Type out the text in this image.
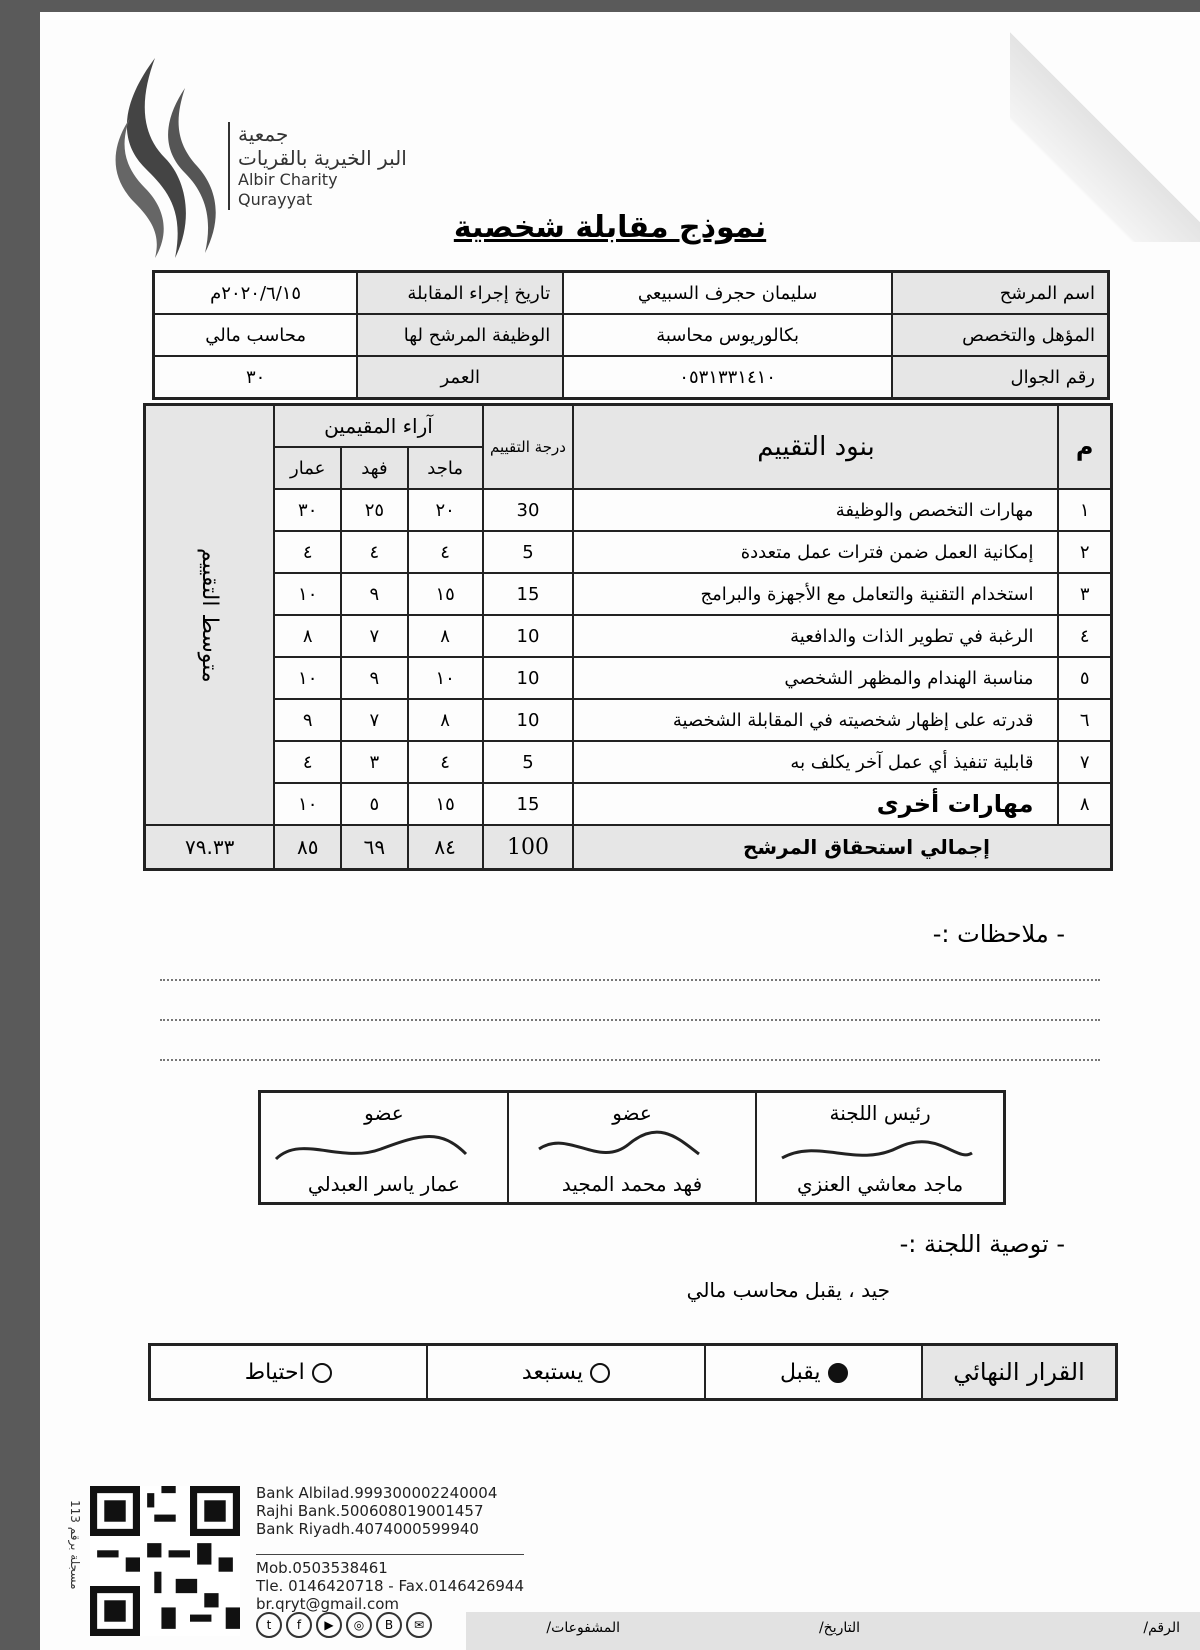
جمعية
البر الخيرية بالقريات
Albir Charity
Qurayyat
نموذج مقابلة شخصية
اسم المرشح	سليمان حجرف السبيعي	تاريخ إجراء المقابلة	٢٠٢٠/٦/١٥م
المؤهل والتخصص	بكالوريوس محاسبة	الوظيفة المرشح لها	محاسب مالي
رقم الجوال	٠٥٣١٣٣١٤١٠	العمر	٣٠
م	بنود التقييم	درجة التقييم	آراء المقيمين			متوسط التقييم
			ماجد	فهد	عمار	
١	مهارات التخصص والوظيفة	30	٢٠	٢٥	٣٠	
٢	إمكانية العمل ضمن فترات عمل متعددة	5	٤	٤	٤	
٣	استخدام التقنية والتعامل مع الأجهزة والبرامج	15	١٥	٩	١٠	
٤	الرغبة في تطوير الذات والدافعية	10	٨	٧	٨	
٥	مناسبة الهندام والمظهر الشخصي	10	١٠	٩	١٠	
٦	قدرته على إظهار شخصيته في المقابلة الشخصية	10	٨	٧	٩	
٧	قابلية تنفيذ أي عمل آخر يكلف به	5	٤	٣	٤	
٨	مهارات أخرى	15	١٥	٥	١٠	
إجمالي استحقاق المرشح		100	٨٤	٦٩	٨٥	٧٩.٣٣
- ملاحظات :-
رئيس اللجنة
ماجد معاشي العنزي

عضو
فهد محمد المجيد

عضو
عمار ياسر العبدلي
- توصية اللجنة :-
جيد ، يقبل محاسب مالي
القرار النهائي	يقبل	يستبعد	احتياط
Bank Albilad.999300002240004
Rajhi Bank.500608019001457
Bank Riyadh.4074000599940
Mob.0503538461
Tle. 0146420718 - Fax.0146426944
br.qryt@gmail.com
t f ▶ ◎ B ✉
مسجلة برقم 113
الرقم/
التاريخ/
المشفوعات/
